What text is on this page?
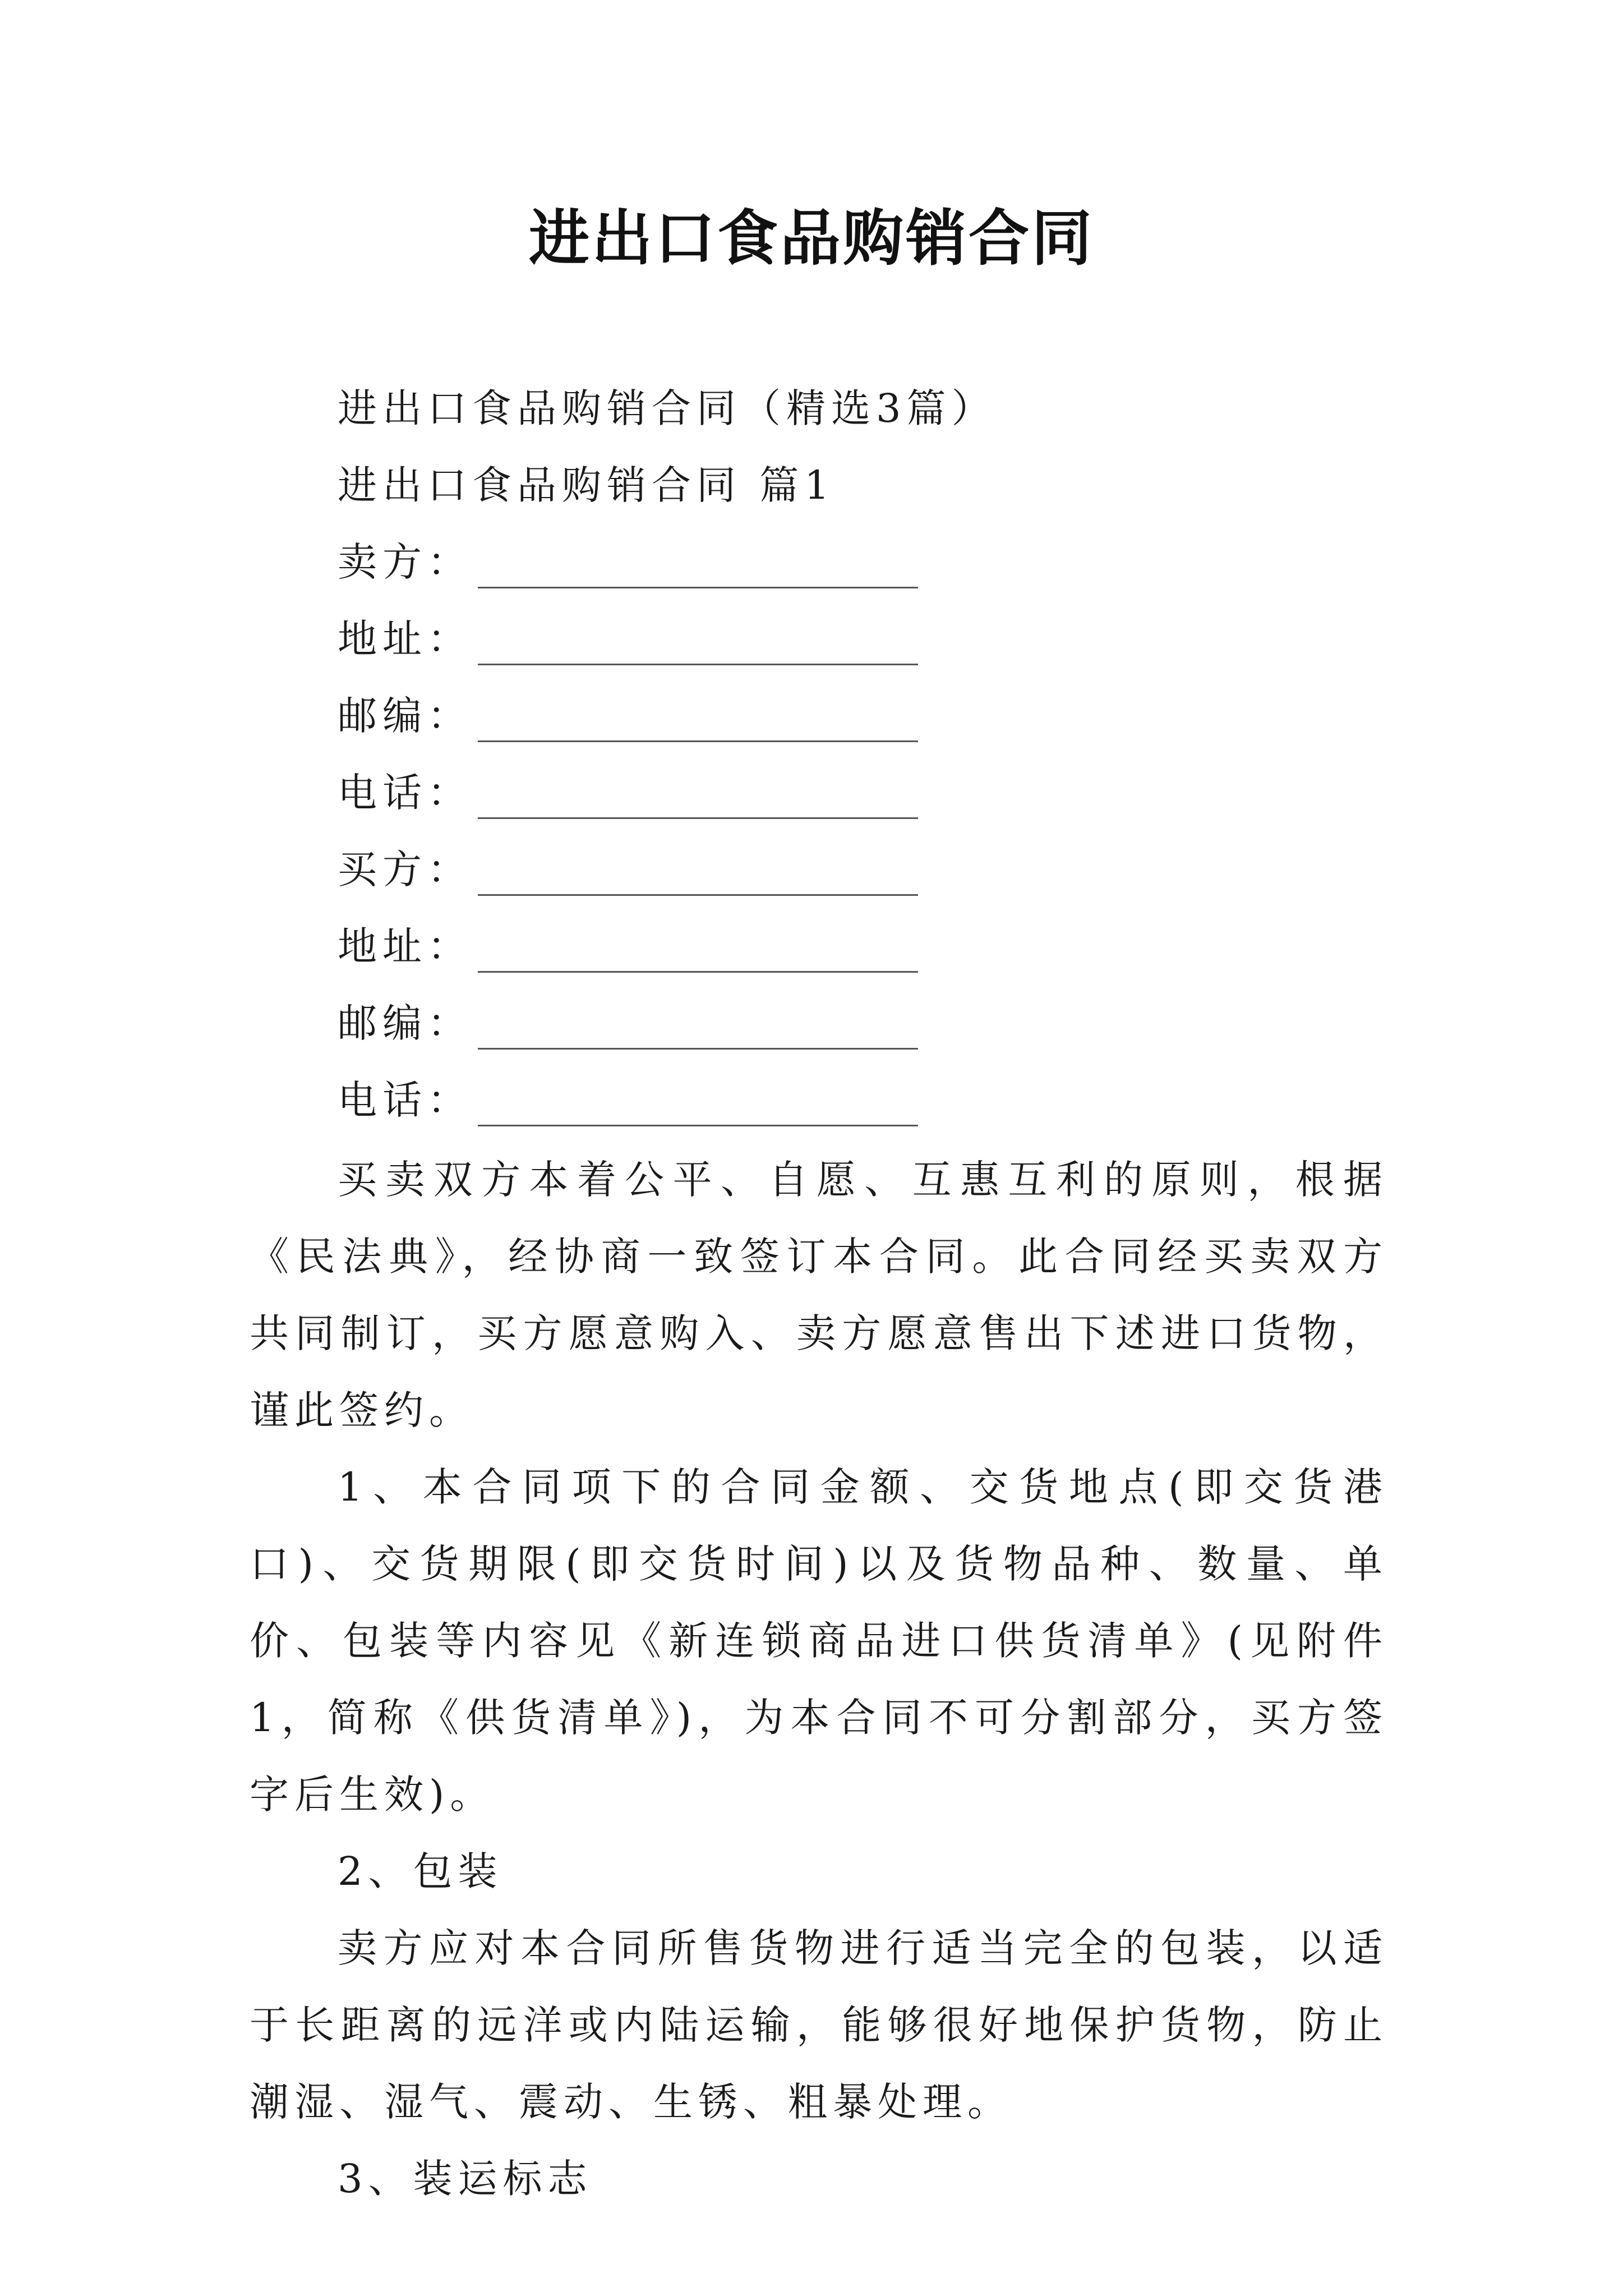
进出口食品购销合同
进出口食品购销合同（精选3篇）
进出口食品购销合同 篇1
卖方：
地址：
邮编：
电话：
买方：
地址：
邮编：
电话：

买卖双方本着公平、自愿、互惠互利的原则，根据《民法典》，经协商一致签订本合同。此合同经买卖双方共同制订，买方愿意购入、卖方愿意售出下述进口货物，谨此签约。

1、本合同项下的合同金额、交货地点(即交货港口)、交货期限(即交货时间)以及货物品种、数量、单价、包装等内容见《新连锁商品进口供货清单》(见附件1，简称《供货清单》)，为本合同不可分割部分，买方签字后生效)。

2、包装

卖方应对本合同所售货物进行适当完全的包装，以适于长距离的远洋或内陆运输，能够很好地保护货物，防止潮湿、湿气、震动、生锈、粗暴处理。

3、装运标志
